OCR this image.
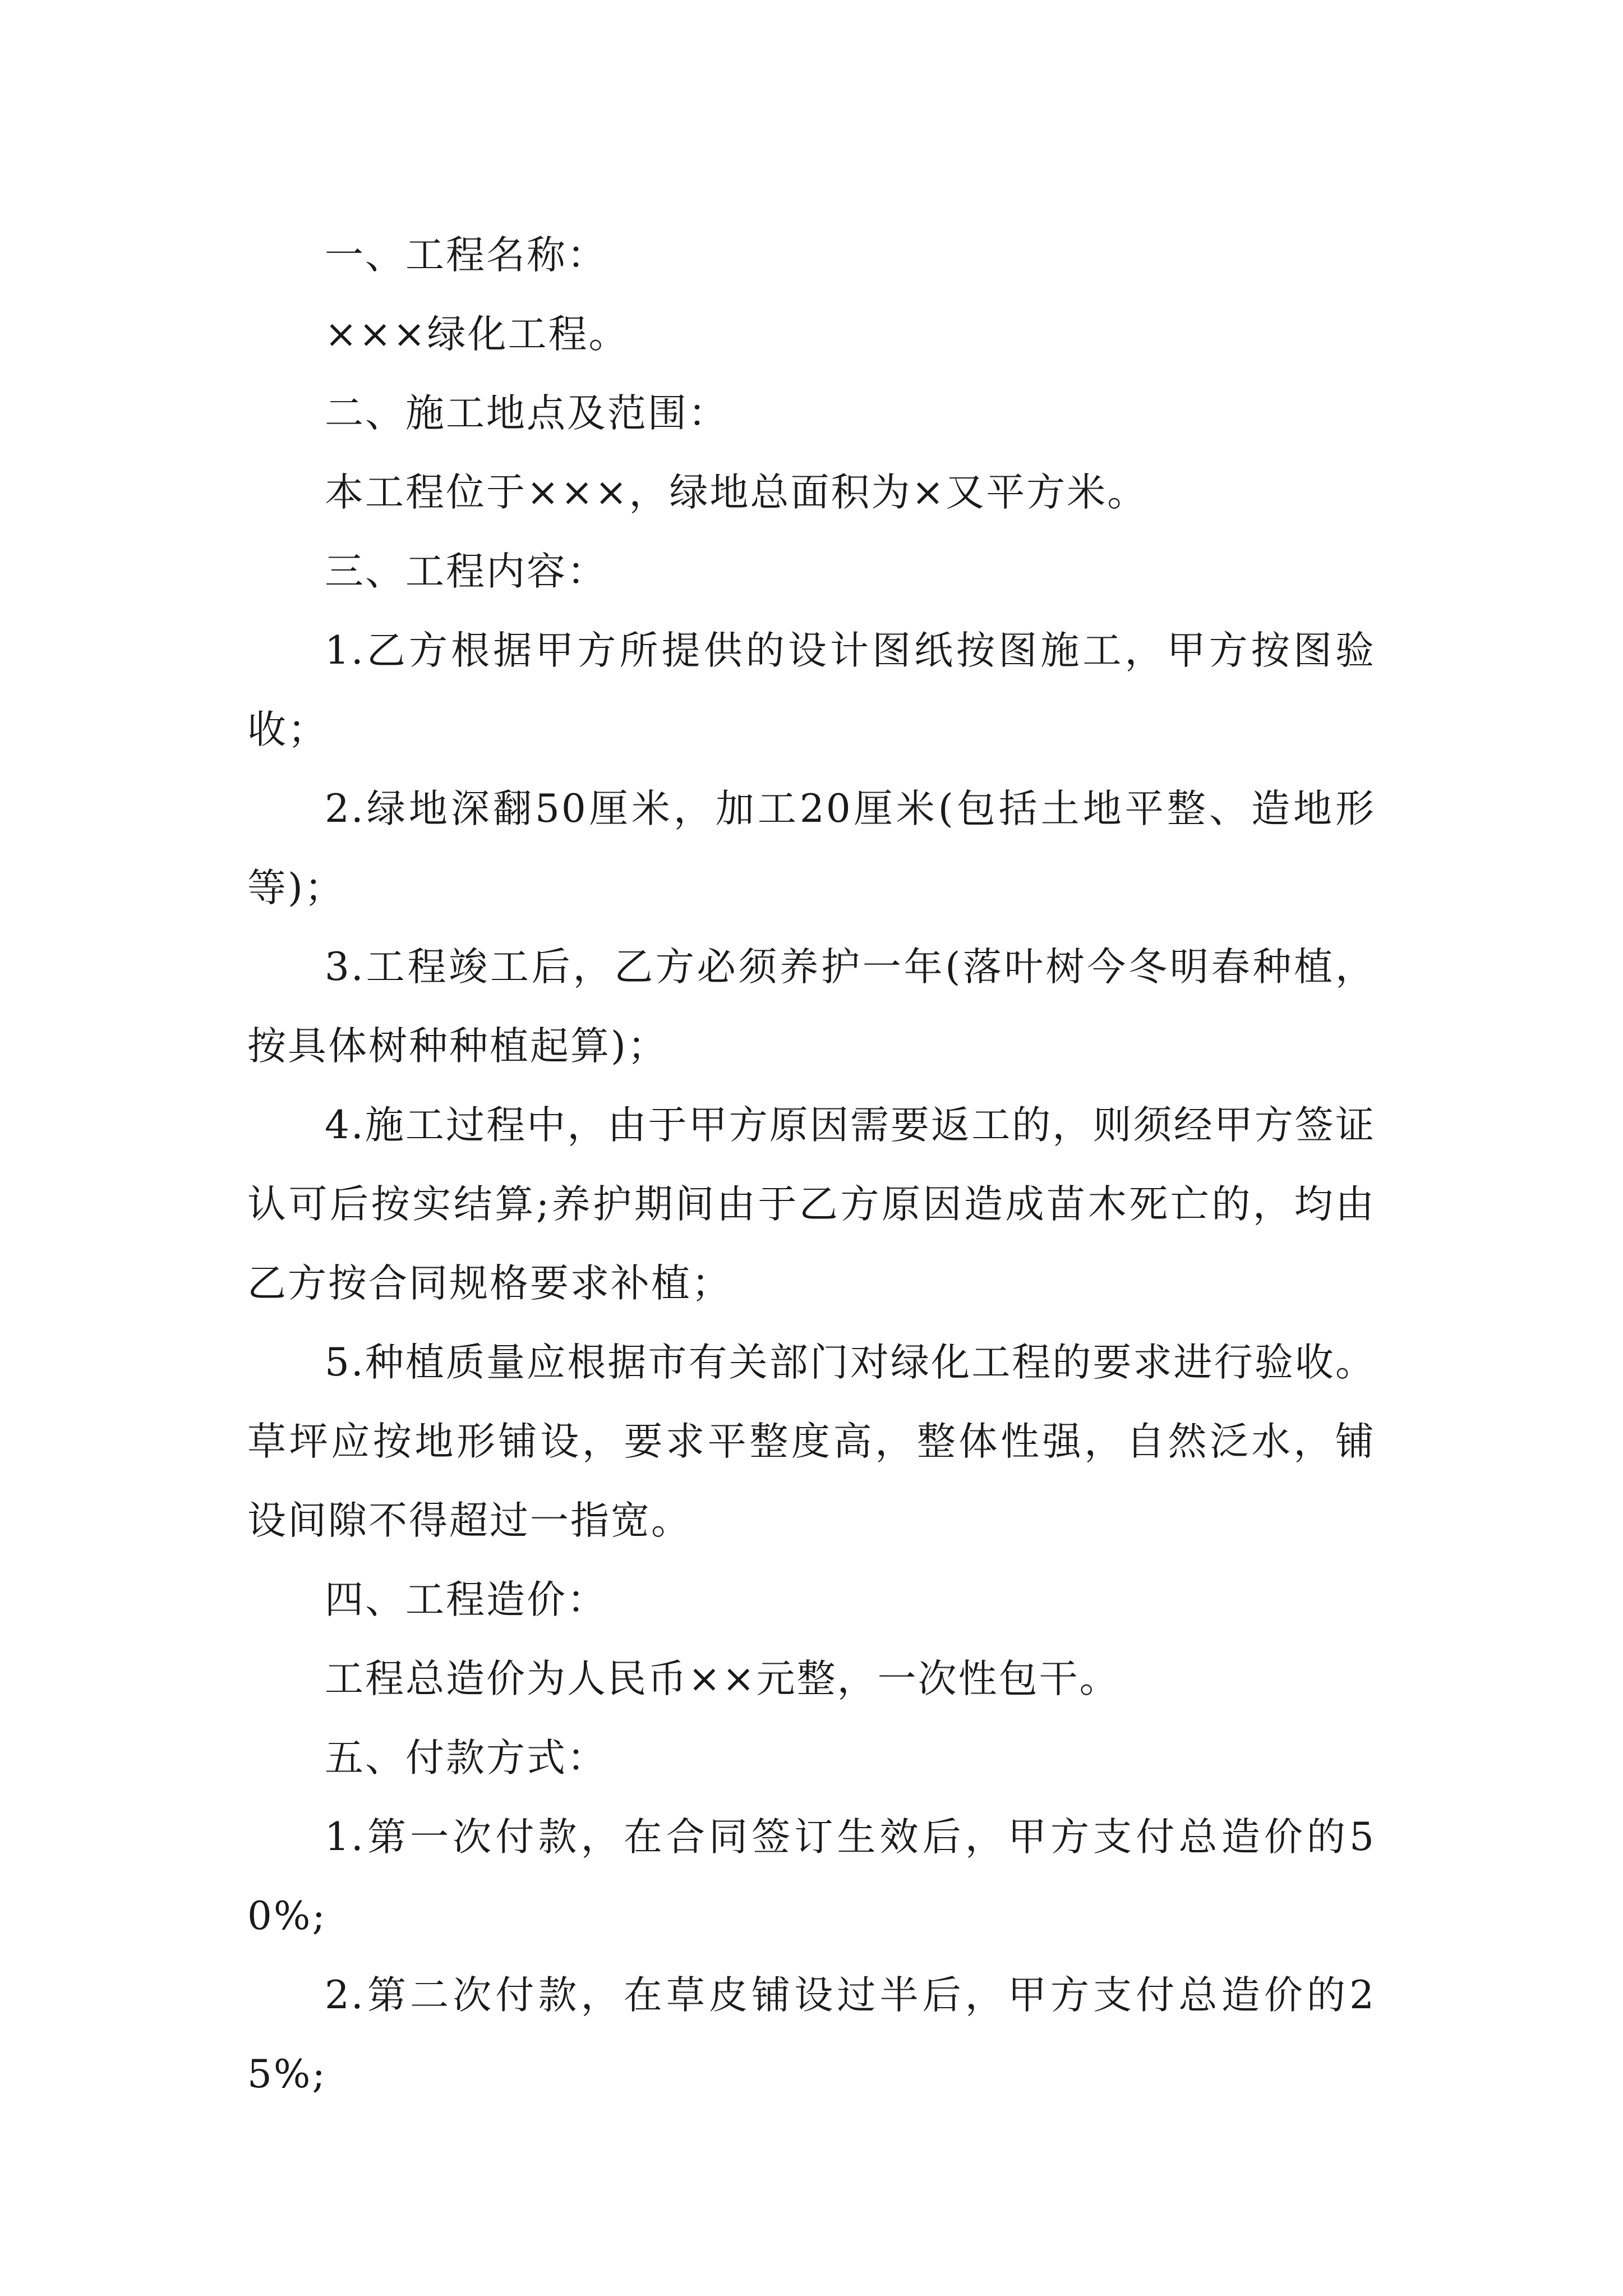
一、工程名称：

×××绿化工程。

二、施工地点及范围：

本工程位于×××，绿地总面积为×又平方米。

三、工程内容：

1.乙方根据甲方所提供的设计图纸按图施工，甲方按图验收；

2.绿地深翻50厘米，加工20厘米(包括土地平整、造地形等)；

3.工程竣工后，乙方必须养护一年(落叶树今冬明春种植，按具体树种种植起算)；

4.施工过程中，由于甲方原因需要返工的，则须经甲方签证认可后按实结算;养护期间由于乙方原因造成苗木死亡的，均由乙方按合同规格要求补植；

5.种植质量应根据市有关部门对绿化工程的要求进行验收。草坪应按地形铺设，要求平整度高，整体性强，自然泛水，铺设间隙不得超过一指宽。

四、工程造价：

工程总造价为人民币××元整，一次性包干。

五、付款方式：

1.第一次付款，在合同签订生效后，甲方支付总造价的50%;

2.第二次付款，在草皮铺设过半后，甲方支付总造价的25%;
